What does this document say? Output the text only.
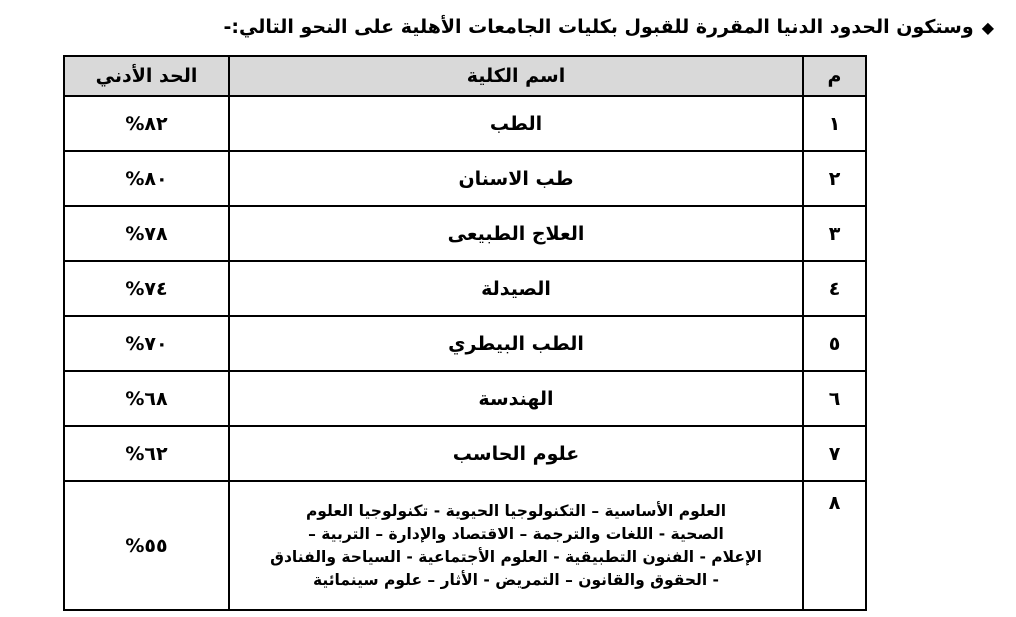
◆وستكون الحدود الدنيا المقررة للقبول بكليات الجامعات الأهلية على النحو التالي:-
م	اسم الكلية	الحد الأدني
١	الطب	%٨٢
٢	طب الاسنان	%٨٠
٣	العلاج الطبيعى	%٧٨
٤	الصيدلة	%٧٤
٥	الطب البيطري	%٧٠
٦	الهندسة	%٦٨
٧	علوم الحاسب	%٦٢
٨	العلوم الأساسية – التكنولوجيا الحيوية - تكنولوجيا العلوم
الصحية - اللغات والترجمة – الاقتصاد والإدارة – التربية –
الإعلام - الفنون التطبيقية - العلوم الأجتماعية - السياحة والفنادق
- الحقوق والقانون – التمريض - الأثار – علوم سينمائية	%٥٥
